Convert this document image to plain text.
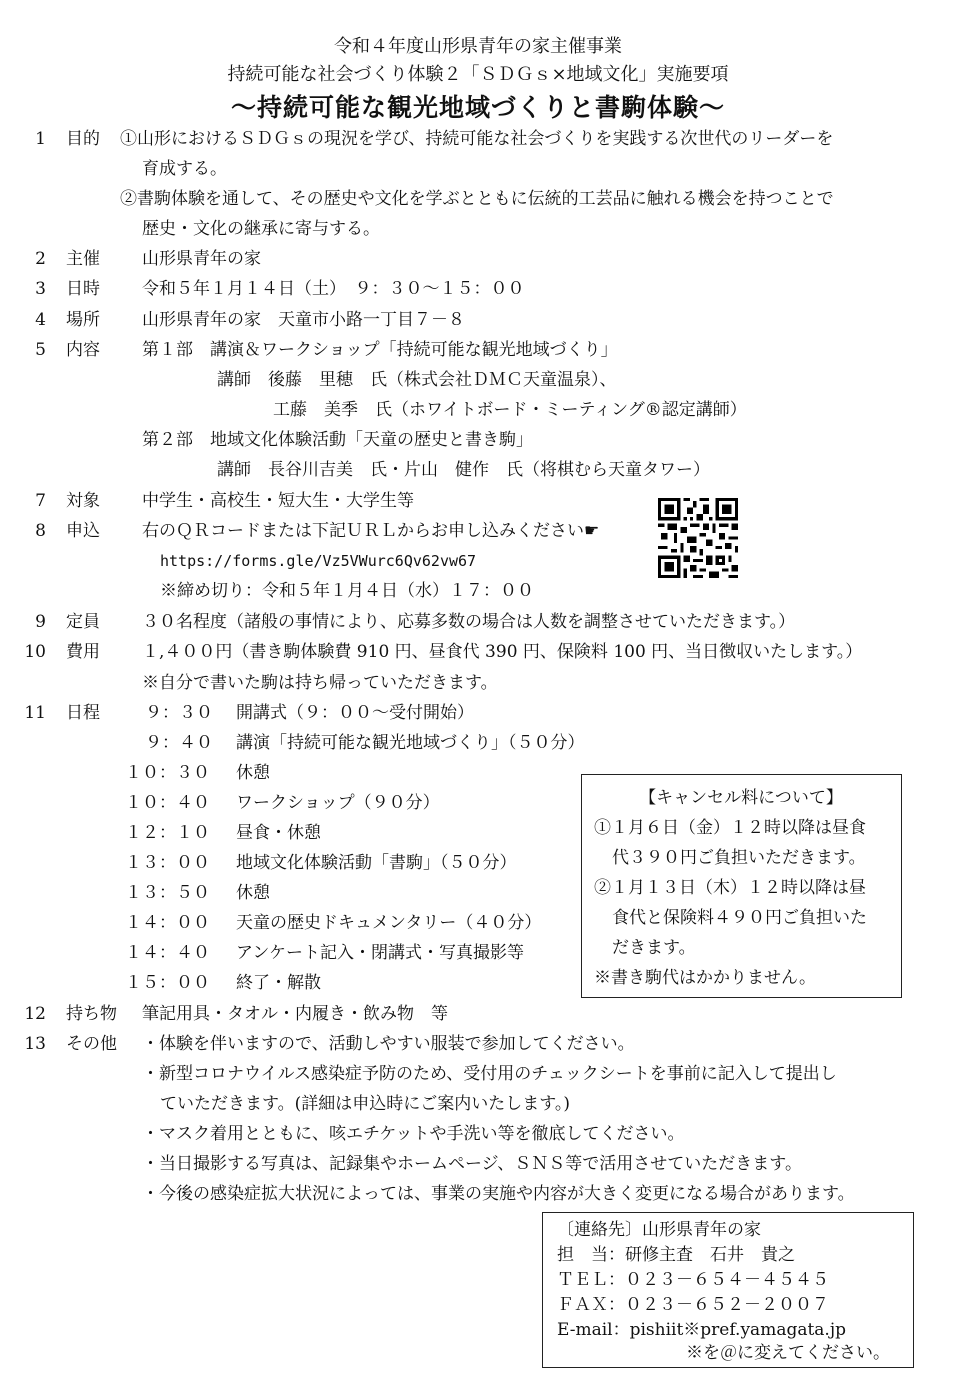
令和４年度山形県青年の家主催事業
持続可能な社会づくり体験２「ＳＤＧｓ×地域文化」実施要項
～持続可能な観光地域づくりと書駒体験～
1 目的 ①山形におけるＳＤＧｓの現況を学び、持続可能な社会づくりを実践する次世代のリーダーを
育成する。
②書駒体験を通して、その歴史や文化を学ぶとともに伝統的工芸品に触れる機会を持つことで
歴史・文化の継承に寄与する。
2 主催 山形県青年の家
3 日時 令和５年１月１４日（土）　９：３０～１５：００
4 場所 山形県青年の家　天童市小路一丁目７－８
5 内容 第１部　講演＆ワークショップ「持続可能な観光地域づくり」
講師　後藤　里穂　氏（株式会社ＤＭＣ天童温泉）、
工藤　美季　氏（ホワイトボード・ミーティング®認定講師）
第２部　地域文化体験活動「天童の歴史と書き駒」
講師　長谷川吉美　氏・片山　健作　氏（将棋むら天童タワー）
7 対象 中学生・高校生・短大生・大学生等
8 申込 右のＱＲコードまたは下記ＵＲＬからお申し込みください☛
https://forms.gle/Vz5VWurc6Qv62vw67
※締め切り：令和５年１月４日（水）１７：００
9 定員 ３０名程度（諸般の事情により、応募多数の場合は人数を調整させていただきます。）
10 費用 １,４００円（書き駒体験費 910 円、昼食代 390 円、保険料 100 円、当日徴収いたします。）
※自分で書いた駒は持ち帰っていただきます。
11 日程	９：３０ 開講式（９：００～受付開始）
９：４０ 講演「持続可能な観光地域づくり」（５０分）
１０：３０ 休憩
１０：４０ ワークショップ（９０分）
１２：１０ 昼食・休憩
１３：００ 地域文化体験活動「書駒」（５０分）
１３：５０ 休憩
１４：００ 天童の歴史ドキュメンタリー（４０分）
１４：４０ アンケート記入・閉講式・写真撮影等
１５：００ 終了・解散
【キャンセル料について】
①１月６日（金）１２時以降は昼食
代３９０円ご負担いただきます。
②１月１３日（木）１２時以降は昼
食代と保険料４９０円ご負担いた
だきます。
※書き駒代はかかりません。
12 持ち物 筆記用具・タオル・内履き・飲み物　等
13 その他 ・体験を伴いますので、活動しやすい服装で参加してください。
・新型コロナウイルス感染症予防のため、受付用のチェックシートを事前に記入して提出し
ていただきます。(詳細は申込時にご案内いたします。)
・マスク着用とともに、咳エチケットや手洗い等を徹底してください。
・当日撮影する写真は、記録集やホームページ、ＳＮＳ等で活用させていただきます。
・今後の感染症拡大状況によっては、事業の実施や内容が大きく変更になる場合があります。
〔連絡先〕山形県青年の家
担　当：研修主査　石井　貴之
ＴＥＬ：０２３－６５４－４５４５
ＦＡＸ：０２３－６５２－２００７
E-mail：pishiit※pref.yamagata.jp
※を＠に変えてください。
